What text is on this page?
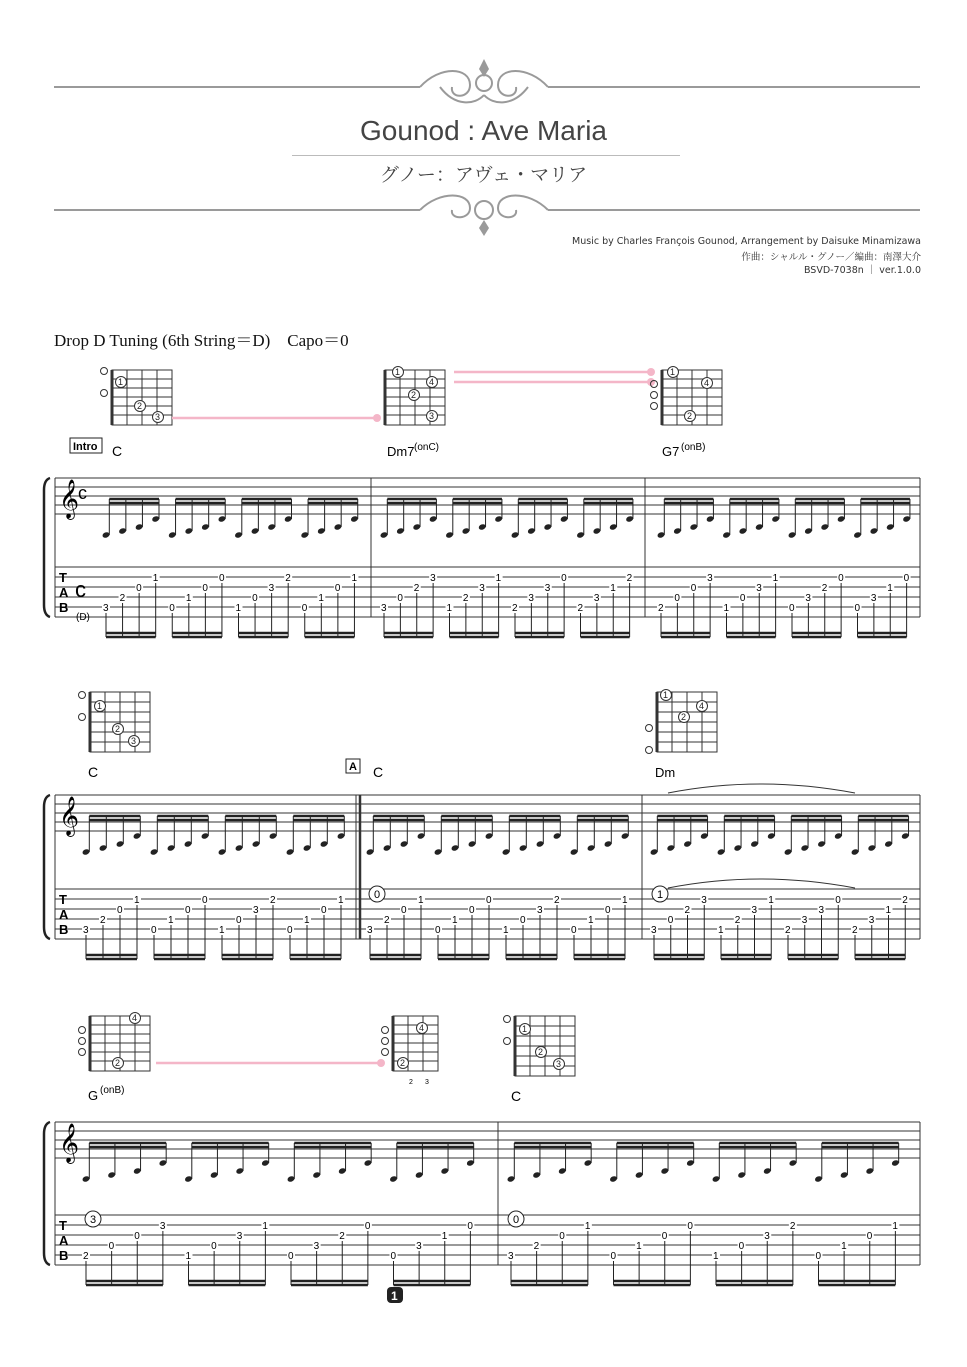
Gounod : Ave Maria
グノー：アヴェ・マリア
Music by Charles François Gounod, Arrangement by Daisuke Minamizawa
作曲：シャルル・グノー／編曲：南澤大介
BSVD-7038n ｜ ver.1.0.0
Drop D Tuning (6th String＝D)　Capo＝0
1
2
3
1
4
2
3
1
4
2
Intro C	Dm7 (onC)	G7 (onB)
𝄞
c
T
A
B
c
(D)
3
2
0
1
0
1
0
0
1
0
3
2
0
1
0
1
3
0
2
3
1
2
3
1
2
3
3
0
2
3
1
2
2
0
0
3
1
0
3
1
0
3
2
0
0
3
1
0
1
2
3
1
4
2
A
C	C	Dm
𝄞
T
A
B
0	1
3
2
0
1
0
1
0
0
1
0
3
2
0
1
0
1
3
2
0
1
0
1
0
0
1
0
3
2
0
1
0
1
3
0
2
3
1
2
3
1
2
3
3
0
2
3
1
2
4
2
4
2
2 3
1
2
3
G (onB)	C
𝄞
T
A
B
3	0
1
2
0
0
3
1
0
3
1
0
3
2
0
0
3
1
0
3
2
0
1
0
1
0
0
1
0
3
2
0
1
0
1
